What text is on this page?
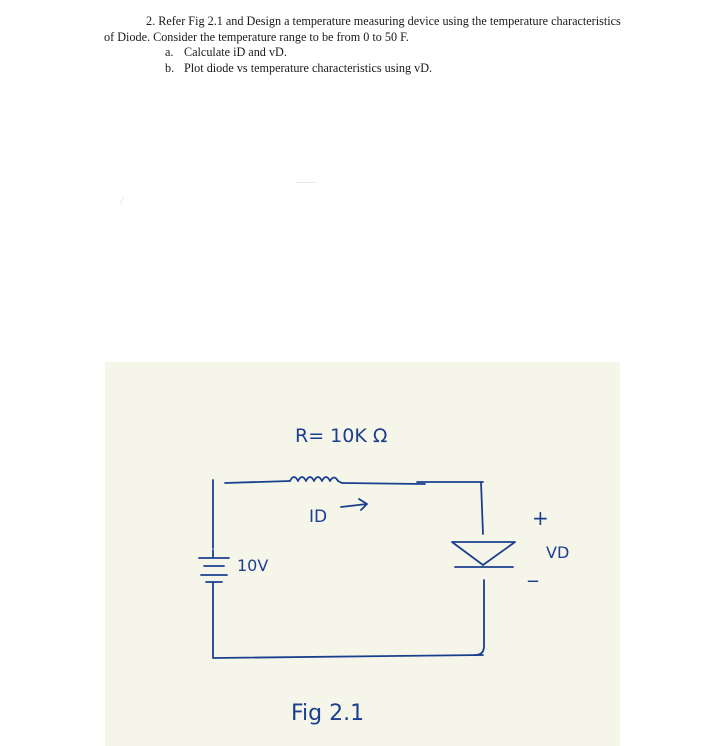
2. Refer Fig 2.1 and Design a temperature measuring device using the temperature characteristics
of Diode. Consider the temperature range to be from 0 to 50 F.
a. Calculate iD and vD.
b. Plot diode vs temperature characteristics using vD.
R= 10K Ω
ID
10V
+
_
VD
Fig 2.1
